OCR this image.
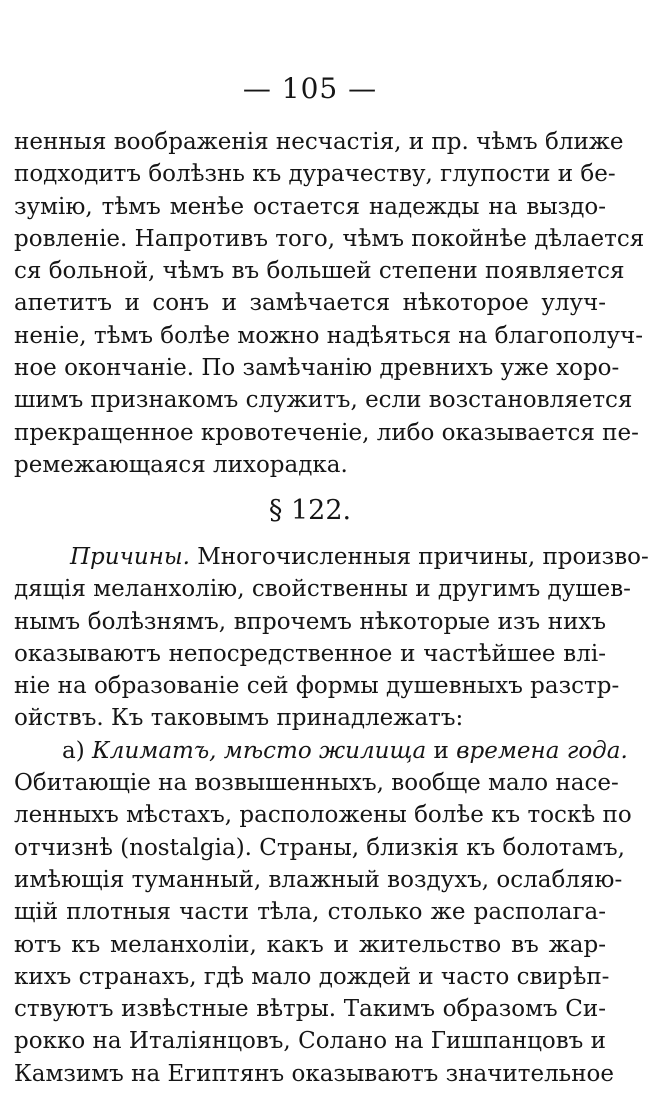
— 105 —
ненныя воображенія несчастія, и пр. чѣмъ ближе
подходитъ болѣзнь къ дурачеству, глупости и бе-
зумію, тѣмъ менѣе остается надежды на выздо-
ровленіе. Напротивъ того, чѣмъ покойнѣе дѣлается
ся больной, чѣмъ въ большей степени появляется
апетитъ и сонъ и замѣчается нѣкоторое улуч-
неніе, тѣмъ болѣе можно надѣяться на благополуч-
ное окончаніе. По замѣчанію древнихъ уже хоро-
шимъ признакомъ служитъ, если возстановляется
прекращенное кровотеченіе, либо оказывается пе-
ремежающаяся лихорадка.
§ 122.
Причины. Многочисленныя причины, произво-
дящія меланхолію, свойственны и другимъ душев-
нымъ болѣзнямъ, впрочемъ нѣкоторые изъ нихъ
оказываютъ непосредственное и частѣйшее влі-
ніе на образованіе сей формы душевныхъ разстр-
ойствъ. Къ таковымъ принадлежатъ:
a) Климатъ, мѣсто жилища и времена года.
Обитающіе на возвышенныхъ, вообще мало насе-
ленныхъ мѣстахъ, расположены болѣе къ тоскѣ по
отчизнѣ (nostalgia). Страны, близкія къ болотамъ,
имѣющія туманный, влажный воздухъ, ослабляю-
щій плотныя части тѣла, столько же располага-
ютъ къ меланхоліи, какъ и жительство въ жар-
кихъ странахъ, гдѣ мало дождей и часто свирѣп-
ствуютъ извѣстные вѣтры. Такимъ образомъ Си-
рокко на Италіянцовъ, Солано на Гишпанцовъ и
Камзимъ на Египтянъ оказываютъ значительное
